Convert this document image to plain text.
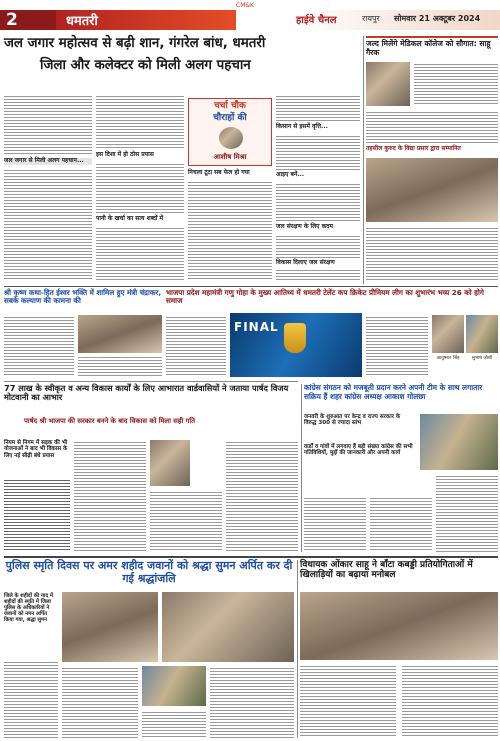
2	धमतरी
CM&K
हाईवे चैनल	रायपुर सोमवार 21 अक्टूबर 2024
जल जगार महोत्सव से बढ़ी शान, गंगरेल बांध, धमतरी
जिला और कलेक्टर को मिली अलग पहचान
जल जगार से मिली अलग पहचान...
इस दिशा में हो ठोस प्रयास
पानी के खर्चा का सत्य शब्दों में
चर्चा चौक
चौराहों की
आशीष मिश्रा
निचला टूटा सब फेल हो गया
किसान से इसमें वृत्ति...
आइए बनें...
जल संरक्षण के लिए कदम
विकास दिलाए जल संरक्षण
जल्द मिलेंगे मेडिकल कॉलेज को सौगात: साहू गैरक
तहसील कुरुद के विद्या प्रसार द्वारा सम्मानित
श्री कृष्ण कथा-हित ईश्वर भक्ति में शामिल हुए मंत्री चंद्राकर, सबके कल्याण की कामना की
भाजपा प्रदेश महामंत्री गणु गोहा के मुख्य आतिथ्य में धमतरी टेलेंट कप क्रिकेट प्रीमियम लीग का शुभारंभ भव्य 26 को होगे समाज
FINAL
आयुष्मान सिंह	सुभाष जोशी
77 लाख के स्वीकृत व अन्य विकास कार्यों के लिए आभारात वार्डवासियों ने जताया पार्षद विजय मोटवानी का आभार
पार्षद श्री भाजपा की सरकार बनने के बाद विकास को मिला सही गति
नियम से निगम में सड़क की भी योजनाओं ने बाद भी विकास के लिए नई सीढ़ी बंधे प्रयास
कांग्रेस संगठन को मजबूती प्रदान करने अपनी टीम के साथ लगातार सक्रिय हैं शहर कांग्रेस अध्यक्ष आकाश गोलछा
जनवरी के शुरुआत पर केन्द्र व राज्य सरकार के विरुद्ध 300 से ज्यादा स्तंभ
वार्डों व गांवों में लगवाए हैं बड़ी संख्या कांग्रेस की सभी गतिविधियों, मुद्दों की जानकारी और अपनी कार्य
पुलिस स्मृति दिवस पर अमर शहीद जवानों को श्रद्धा सुमन अर्पित कर दी गई श्रद्धांजलि
जिले के शहीदों की याद में शहीदों की स्मृति में जिला पुलिस के अधिकारियों ने जवानों को नमन अर्पित किया गया, श्रद्धा सुमन
विधायक ओंकार साहू ने बाँटा कबड्डी प्रतियोगिताओं में खिलाड़ियों का बढ़ाया मनोबल
